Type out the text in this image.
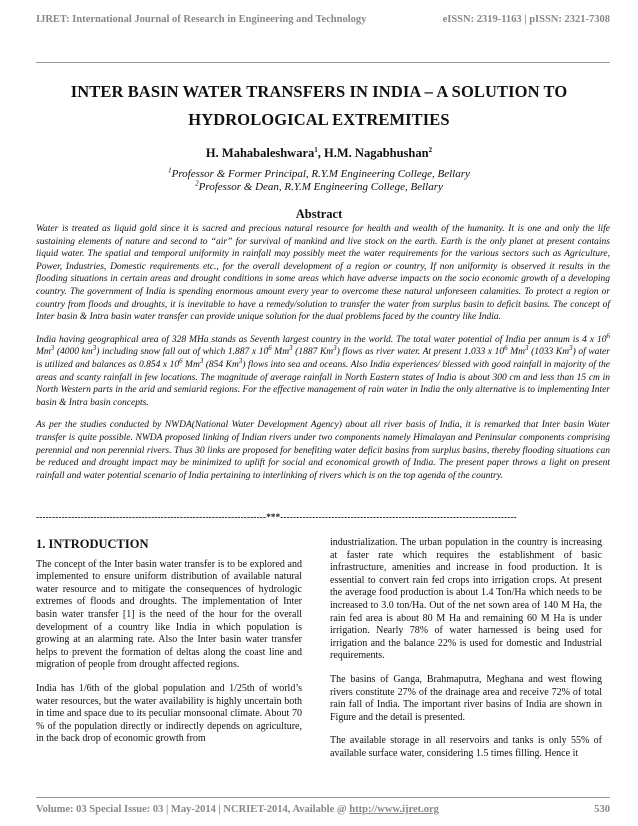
IJRET: International Journal of Research in Engineering and Technology	eISSN: 2319-1163 | pISSN: 2321-7308
INTER BASIN WATER TRANSFERS IN INDIA – A SOLUTION TO
HYDROLOGICAL EXTREMITIES
H. Mahabaleshwara$^1$, H.M. Nagabhushan$^2$
$^1$Professor & Former Principal, R.Y.M Engineering College, Bellary
$^2$Professor & Dean, R.Y.M Engineering College, Bellary
Abstract

Water is treated as liquid gold since it is sacred and precious natural resource for health and wealth of the humanity. It is one and only the life sustaining elements of nature and second to “air” for survival of mankind and live stock on the earth. Earth is the only planet at present contains liquid water. The spatial and temporal uniformity in rainfall may possibly meet the water requirements for the various sectors such as Agriculture, Power, Industries, Domestic requirements etc., for the overall development of a region or country, If non uniformity is observed it results in the flooding situations in certain areas and drought conditions in some areas which have adverse impacts on the socio economic growth of a developing country. The government of India is spending enormous amount every year to overcome these natural unforeseen calamities. To protect a region or country from floods and droughts, it is inevitable to have a remedy/solution to transfer the water from surplus basin to deficit basins. The concept of Inter basin & Intra basin water transfer can provide unique solution for the dual problems faced by the country like India.

India having geographical area of 328 MHa stands as Seventh largest country in the world. The total water potential of India per annum is 4 x $10^6$ Mm$^3$ (4000 $km^3$) including snow fall out of which 1.887 x $10^6$ Mm$^3$ (1887 Km$^3$) flows as river water. At present 1.033 x $10^6$ Mm$^3$ (1033 Km$^3$) of water is utilized and balances as 0.854 x $10^6$ Mm$^3$ (854 Km$^3$) flows into sea and oceans. Also India experiences/ blessed with good rainfall in majority of the areas and scanty rainfall in few locations. The magnitude of average rainfall in North Eastern states of India is about 300 cm and less than 15 cm in North Western parts in the arid and semiarid regions. For the effective management of rain water in India the only alternative is to implementing Inter basin & Intra basin concepts.

As per the studies conducted by NWDA(National Water Development Agency) about all river basis of India, it is remarked that Inter basin Water transfer is quite possible. NWDA proposed linking of Indian rivers under two components namely Himalayan and Peninsular components comprising perennial and non perennial rivers. Thus 30 links are proposed for benefiting water deficit basins from surplus basins, thereby flooding situations can be reduced and drought impact may be minimized to uplift for social and economical growth of India. The present paper throws a light on present rainfall and water potential scenario of India pertaining to interlinking of rivers which is on the top agenda of the country.

------------------------------------------------------------------------***--------------------------------------------------------------------------
1. INTRODUCTION

The concept of the Inter basin water transfer is to be explored and implemented to ensure uniform distribution of available natural water resource and to mitigate the consequences of hydrologic extremes of floods and droughts. The implementation of Inter basin water transfer [1] is the need of the hour for the overall development of a country like India in which population is growing at an alarming rate. Also the Inter basin water transfer helps to prevent the formation of deltas along the coast line and migration of people from drought affected regions.

India has 1/6th of the global population and 1/25th of world’s water resources, but the water availability is highly uncertain both in time and space due to its peculiar monsoonal climate. About 70 % of the population directly or indirectly depends on agriculture, in the back drop of economic growth from

industrialization. The urban population in the country is increasing at faster rate which requires the establishment of basic infrastructure, amenities and increase in food production. It is essential to convert rain fed crops into irrigation crops. At present the average food production is about 1.4 Ton/Ha which needs to be increased to 3.0 ton/Ha. Out of the net sown area of 140 M Ha, the rain fed area is about 80 M Ha and remaining 60 M Ha is under irrigation. Nearly 78% of water harnessed is being used for irrigation and the balance 22% is used for domestic and Industrial requirements.

The basins of Ganga, Brahmaputra, Meghana and west flowing rivers constitute 27% of the drainage area and receive 72% of total rain fall of India. The important river basins of India are shown in Figure and the detail is presented.

The available storage in all reservoirs and tanks is only 55% of available surface water, considering 1.5 times filling. Hence it

Volume: 03 Special Issue: 03 | May-2014 | NCRIET-2014, Available @ http://www.ijret.org	530
